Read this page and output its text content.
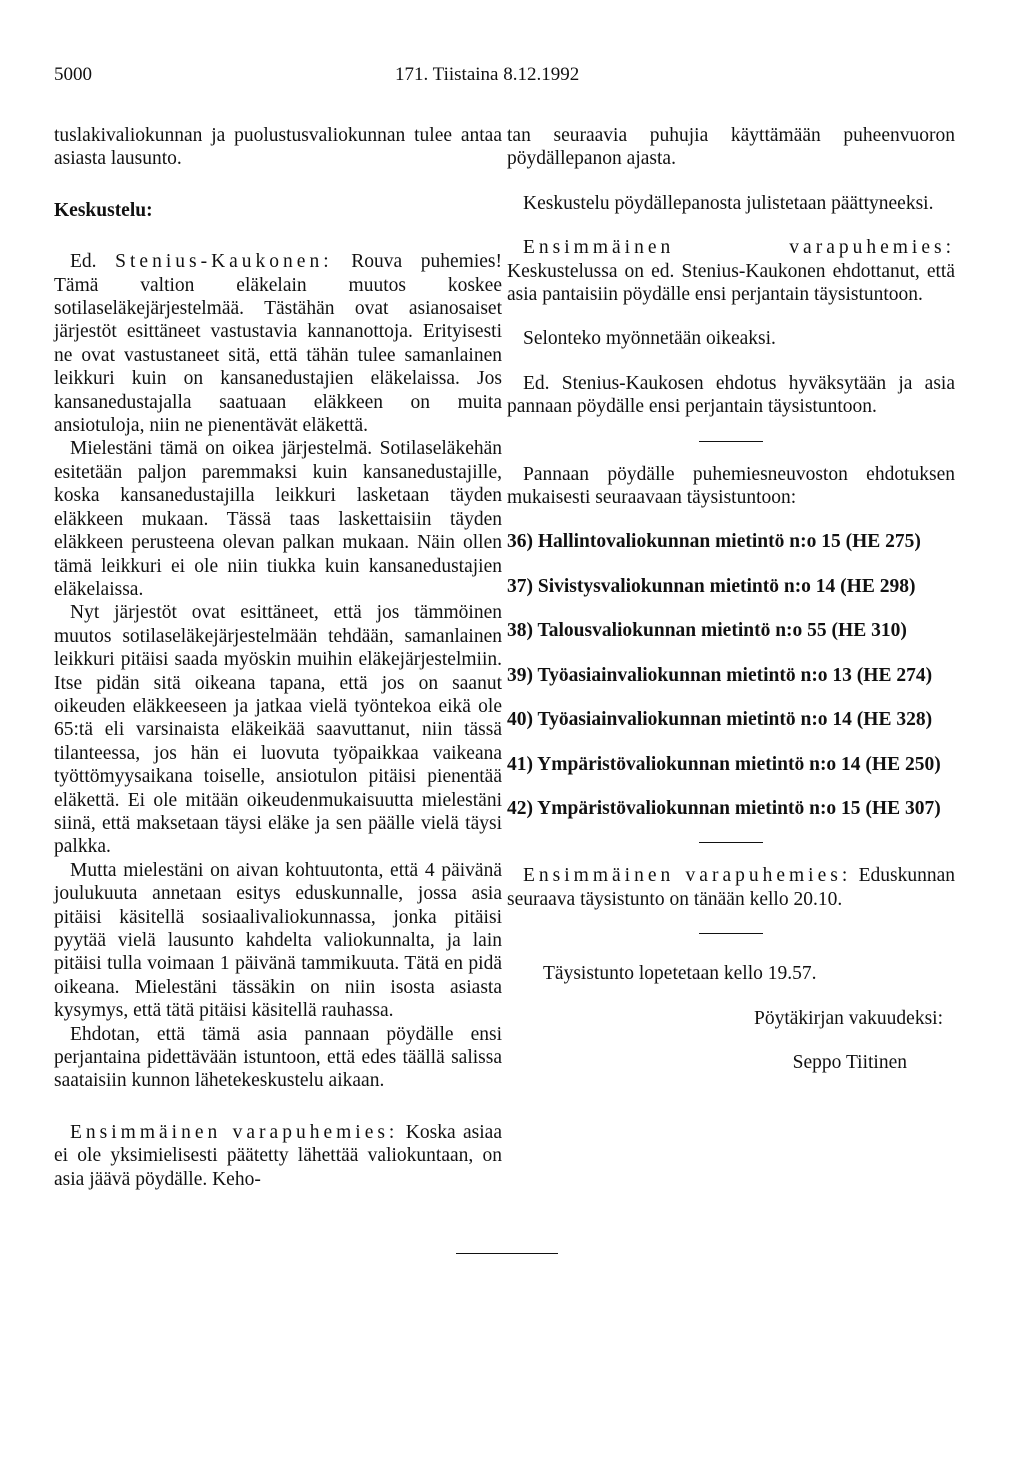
5000	171. Tiistaina 8.12.1992

tuslakivaliokunnan ja puolustusvaliokunnan tulee antaa asiasta lausunto.

Keskustelu:

Ed. Stenius-Kaukonen: Rouva puhemies! Tämä valtion eläkelain muutos koskee sotilaseläkejärjestelmää. Tästähän ovat asianosaiset järjestöt esittäneet vastustavia kannanottoja. Erityisesti ne ovat vastustaneet sitä, että tähän tulee samanlainen leikkuri kuin on kansanedustajien eläkelaissa. Jos kansanedustajalla saatuaan eläkkeen on muita ansiotuloja, niin ne pienentävät eläkettä.

Mielestäni tämä on oikea järjestelmä. Sotilaseläkehän esitetään paljon paremmaksi kuin kansanedustajille, koska kansanedustajilla leikkuri lasketaan täyden eläkkeen mukaan. Tässä taas laskettaisiin täyden eläkkeen perusteena olevan palkan mukaan. Näin ollen tämä leikkuri ei ole niin tiukka kuin kansanedustajien eläkelaissa.

Nyt järjestöt ovat esittäneet, että jos tämmöinen muutos sotilaseläkejärjestelmään tehdään, samanlainen leikkuri pitäisi saada myöskin muihin eläkejärjestelmiin. Itse pidän sitä oikeana tapana, että jos on saanut oikeuden eläkkeeseen ja jatkaa vielä työntekoa eikä ole 65:tä eli varsinaista eläkeikää saavuttanut, niin tässä tilanteessa, jos hän ei luovuta työpaikkaa vaikeana työttömyysaikana toiselle, ansiotulon pitäisi pienentää eläkettä. Ei ole mitään oikeudenmukaisuutta mielestäni siinä, että maksetaan täysi eläke ja sen päälle vielä täysi palkka.

Mutta mielestäni on aivan kohtuutonta, että 4 päivänä joulukuuta annetaan esitys eduskunnalle, jossa asia pitäisi käsitellä sosiaalivaliokunnassa, jonka pitäisi pyytää vielä lausunto kahdelta valiokunnalta, ja lain pitäisi tulla voimaan 1 päivänä tammikuuta. Tätä en pidä oikeana. Mielestäni tässäkin on niin isosta asiasta kysymys, että tätä pitäisi käsitellä rauhassa.

Ehdotan, että tämä asia pannaan pöydälle ensi perjantaina pidettävään istuntoon, että edes täällä salissa saataisiin kunnon lähetekeskustelu aikaan.

Ensimmäinen varapuhemies: Koska asiaa ei ole yksimielisesti päätetty lähettää valiokuntaan, on asia jäävä pöydälle. Keho-

tan seuraavia puhujia käyttämään puheenvuoron pöydällepanon ajasta.

Keskustelu pöydällepanosta julistetaan päättyneeksi.

Ensimmäinen varapuhemies: Keskustelussa on ed. Stenius-Kaukonen ehdottanut, että asia pantaisiin pöydälle ensi perjantain täysistuntoon.

Selonteko myönnetään oikeaksi.

Ed. Stenius-Kaukosen ehdotus hyväksytään ja asia pannaan pöydälle ensi perjantain täysistuntoon.

Pannaan pöydälle puhemiesneuvoston ehdotuksen mukaisesti seuraavaan täysistuntoon:

36) Hallintovaliokunnan mietintö n:o 15 (HE 275)

37) Sivistysvaliokunnan mietintö n:o 14 (HE 298)

38) Talousvaliokunnan mietintö n:o 55 (HE 310)

39) Työasiainvaliokunnan mietintö n:o 13 (HE 274)

40) Työasiainvaliokunnan mietintö n:o 14 (HE 328)

41) Ympäristövaliokunnan mietintö n:o 14 (HE 250)

42) Ympäristövaliokunnan mietintö n:o 15 (HE 307)

Ensimmäinen varapuhemies: Eduskunnan seuraava täysistunto on tänään kello 20.10.

Täysistunto lopetetaan kello 19.57.

Pöytäkirjan vakuudeksi:

Seppo Tiitinen
